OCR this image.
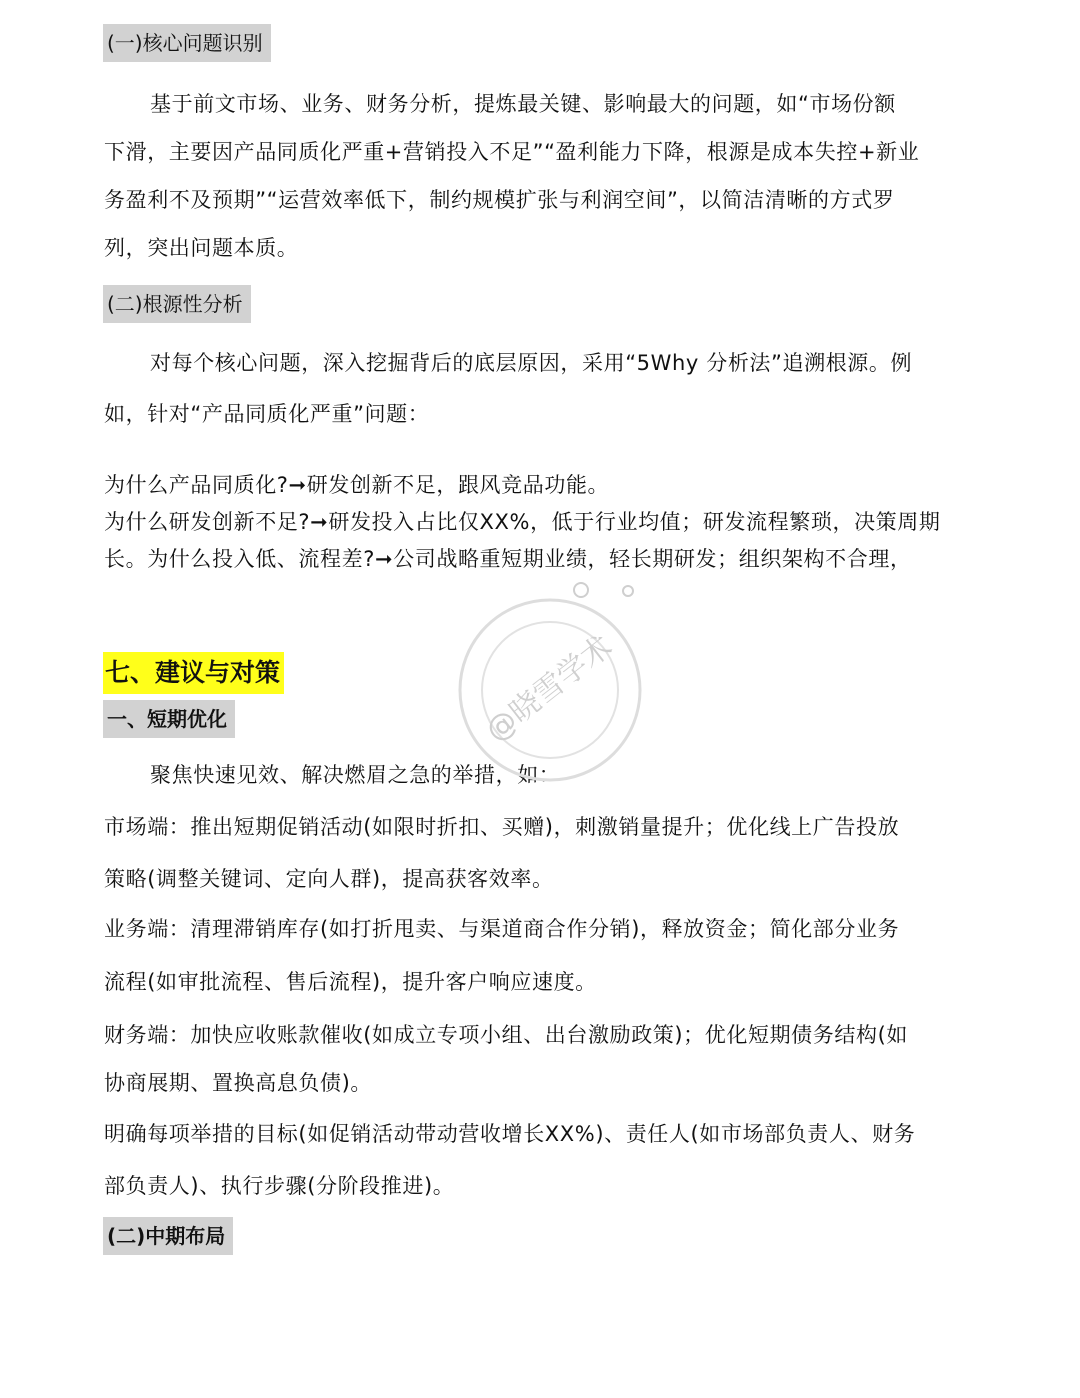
(一)核心问题识别
基于前文市场、业务、财务分析，提炼最关键、影响最大的问题，如“市场份额
下滑，主要因产品同质化严重+营销投入不足”“盈利能力下降，根源是成本失控+新业
务盈利不及预期”“运营效率低下，制约规模扩张与利润空间”，以简洁清晰的方式罗
列，突出问题本质。
(二)根源性分析
对每个核心问题，深入挖掘背后的底层原因，采用“5Why 分析法”追溯根源。例
如，针对“产品同质化严重”问题：
为什么产品同质化?➞研发创新不足，跟风竞品功能。
为什么研发创新不足?➞研发投入占比仅XX%，低于行业均值；研发流程繁琐，决策周期
长。为什么投入低、流程差?➞公司战略重短期业绩，轻长期研发；组织架构不合理，
七、建议与对策
一、短期优化
聚焦快速见效、解决燃眉之急的举措，如：
市场端：推出短期促销活动(如限时折扣、买赠)，刺激销量提升；优化线上广告投放
策略(调整关键词、定向人群)，提高获客效率。
业务端：清理滞销库存(如打折甩卖、与渠道商合作分销)，释放资金；简化部分业务
流程(如审批流程、售后流程)，提升客户响应速度。
财务端：加快应收账款催收(如成立专项小组、出台激励政策)；优化短期债务结构(如
协商展期、置换高息负债)。
明确每项举措的目标(如促销活动带动营收增长XX%)、责任人(如市场部负责人、财务
部负责人)、执行步骤(分阶段推进)。
(二)中期布局
@晓雪学术
